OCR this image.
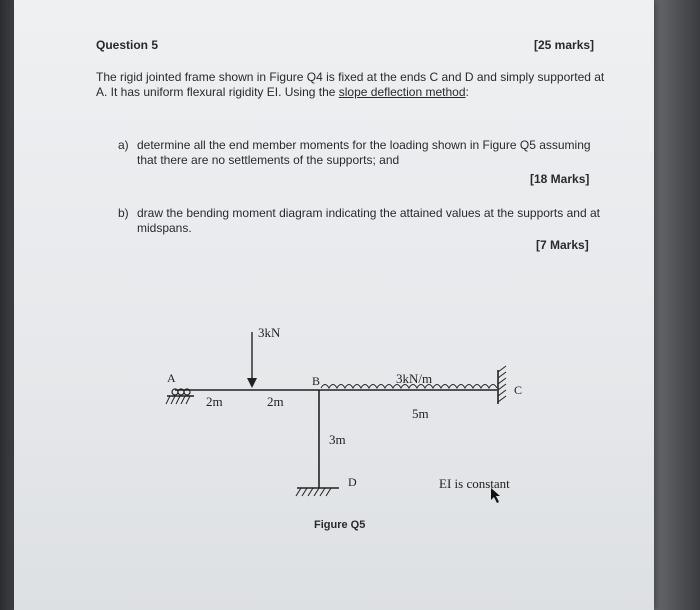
Question 5	[25 marks]
The rigid jointed frame shown in Figure Q4 is fixed at the ends C and D and simply supported at A. It has uniform flexural rigidity EI. Using the slope deflection method:
a) determine all the end member moments for the loading shown in Figure Q5 assuming that there are no settlements of the supports; and
[18 Marks]
b) draw the bending moment diagram indicating the attained values at the supports and at midspans.
[7 Marks]
3kN
3kN/m
A	B
C
D
2m	2m
5m
3m
EI is constant
Figure Q5
